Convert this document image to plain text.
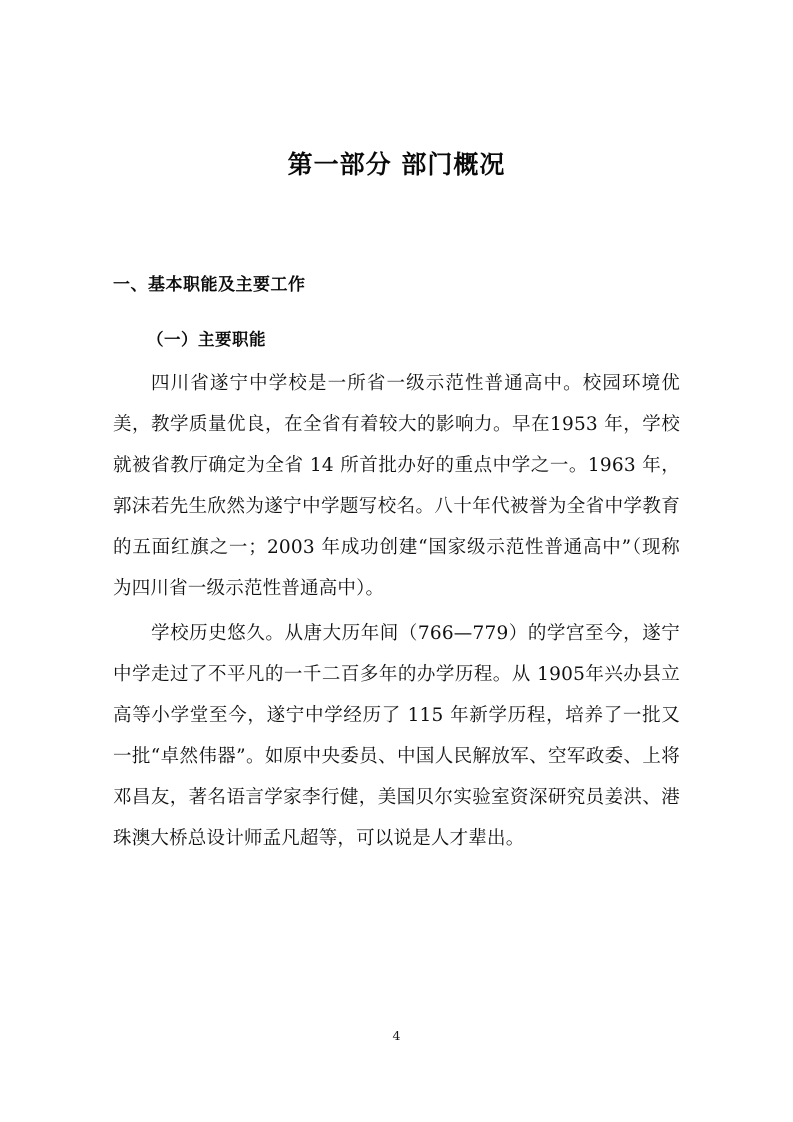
第一部分 部门概况
一、基本职能及主要工作
（一）主要职能

四川省遂宁中学校是一所省一级示范性普通高中。校园环境优美，教学质量优良，在全省有着较大的影响力。早在1953 年，学校就被省教厅确定为全省 14 所首批办好的重点中学之一。1963 年，郭沫若先生欣然为遂宁中学题写校名。八十年代被誉为全省中学教育的五面红旗之一；2003 年成功创建“国家级示范性普通高中”（现称为四川省一级示范性普通高中）。

学校历史悠久。从唐大历年间（766—779）的学宫至今，遂宁中学走过了不平凡的一千二百多年的办学历程。从 1905年兴办县立高等小学堂至今，遂宁中学经历了 115 年新学历程，培养了一批又一批“卓然伟器”。如原中央委员、中国人民解放军、空军政委、上将邓昌友，著名语言学家李行健，美国贝尔实验室资深研究员姜洪、港珠澳大桥总设计师孟凡超等，可以说是人才辈出。

4
